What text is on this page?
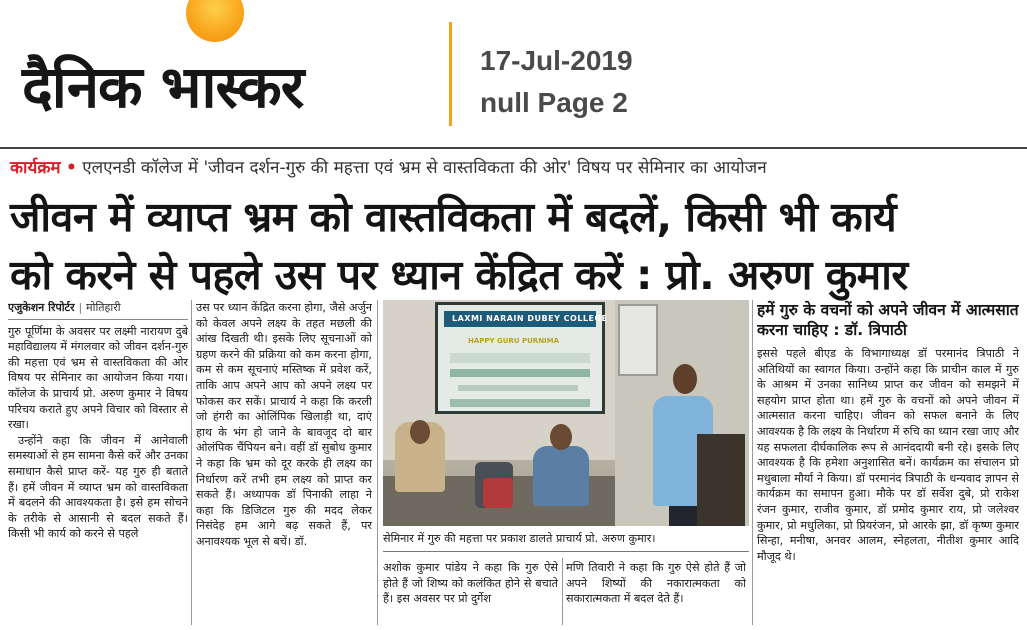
दैनिक भास्कर	17-Jul-2019
null Page 2
कार्यक्रम • एलएनडी कॉलेज में 'जीवन दर्शन-गुरु की महत्ता एवं भ्रम से वास्तविकता की ओर' विषय पर सेमिनार का आयोजन
जीवन में व्याप्त भ्रम को वास्तविकता में बदलें, किसी भी कार्य
को करने से पहले उस पर ध्यान केंद्रित करें : प्रो. अरुण कुमार
एजुकेशन रिपोर्टर | मोतिहारी

गुरु पूर्णिमा के अवसर पर लक्ष्मी नारायण दुबे महाविद्यालय में मंगलवार को जीवन दर्शन-गुरु की महत्ता एवं भ्रम से वास्तविकता की ओर विषय पर सेमिनार का आयोजन किया गया। कॉलेज के प्राचार्य प्रो. अरुण कुमार ने विषय परिचय कराते हुए अपने विचार को विस्तार से रखा।

उन्होंने कहा कि जीवन में आनेवाली समस्याओं से हम सामना कैसे करें और उनका समाधान कैसे प्राप्त करें- यह गुरु ही बताते हैं। हमें जीवन में व्याप्त भ्रम को वास्तविकता में बदलने की आवश्यकता है। इसे हम सोचने के तरीके से आसानी से बदल सकते हैं। किसी भी कार्य को करने से पहले

उस पर ध्यान केंद्रित करना होगा, जैसे अर्जुन को केवल अपने लक्ष्य के तहत मछली की आंख दिखती थी। इसके लिए सूचनाओं को ग्रहण करने की प्रक्रिया को कम करना होगा, कम से कम सूचनाएं मस्तिष्क में प्रवेश करें, ताकि आप अपने आप को अपने लक्ष्य पर फोकस कर सकें। प्राचार्य ने कहा कि करली जो हंगरी का ओलिंपिक खिलाड़ी था, दाएं हाथ के भंग हो जाने के बावजूद दो बार ओलंपिक चैंपियन बने। वहीं डॉ सुबोध कुमार ने कहा कि भ्रम को दूर करके ही लक्ष्य का निर्धारण करें तभी हम लक्ष्य को प्राप्त कर सकते हैं। अध्यापक डॉ पिनाकी लाहा ने कहा कि डिजिटल गुरु की मदद लेकर निसंदेह हम आगे बढ़ सकते हैं, पर अनावश्यक भूल से बचें। डॉ.

LAXMI NARAIN DUBEY COLLEGE
HAPPY GURU PURNIMA
सेमिनार में गुरु की महत्ता पर प्रकाश डालते प्राचार्य प्रो. अरुण कुमार।

अशोक कुमार पांडेय ने कहा कि गुरु ऐसे होते हैं जो शिष्य को कलंकित होने से बचाते हैं। इस अवसर पर प्रो दुर्गेश

मणि तिवारी ने कहा कि गुरु ऐसे होते हैं जो अपने शिष्यों की नकारात्मकता को सकारात्मकता में बदल देते हैं।

हमें गुरु के वचनों को अपने जीवन में आत्मसात करना चाहिए : डॉ. त्रिपाठी

इससे पहले बीएड के विभागाध्यक्ष डॉ परमानंद त्रिपाठी ने अतिथियों का स्वागत किया। उन्होंने कहा कि प्राचीन काल में गुरु के आश्रम में उनका सानिध्य प्राप्त कर जीवन को समझने में सहयोग प्राप्त होता था। हमें गुरु के वचनों को अपने जीवन में आत्मसात करना चाहिए। जीवन को सफल बनाने के लिए आवश्यक है कि लक्ष्य के निर्धारण में रुचि का ध्यान रखा जाए और यह सफलता दीर्घकालिक रूप से आनंददायी बनी रहे। इसके लिए आवश्यक है कि हमेशा अनुशासित बनें। कार्यक्रम का संचालन प्रो मधुबाला मौर्या ने किया। डॉ परमानंद त्रिपाठी के धन्यवाद ज्ञापन से कार्यक्रम का समापन हुआ। मौके पर डॉ सर्वेश दुबे, प्रो राकेश रंजन कुमार, राजीव कुमार, डॉ प्रमोद कुमार राय, प्रो जलेश्वर कुमार, प्रो मधुलिका, प्रो प्रियरंजन, प्रो आरके झा, डॉ कृष्ण कुमार सिन्हा, मनीषा, अनवर आलम, स्नेहलता, नीतीश कुमार आदि मौजूद थे।
